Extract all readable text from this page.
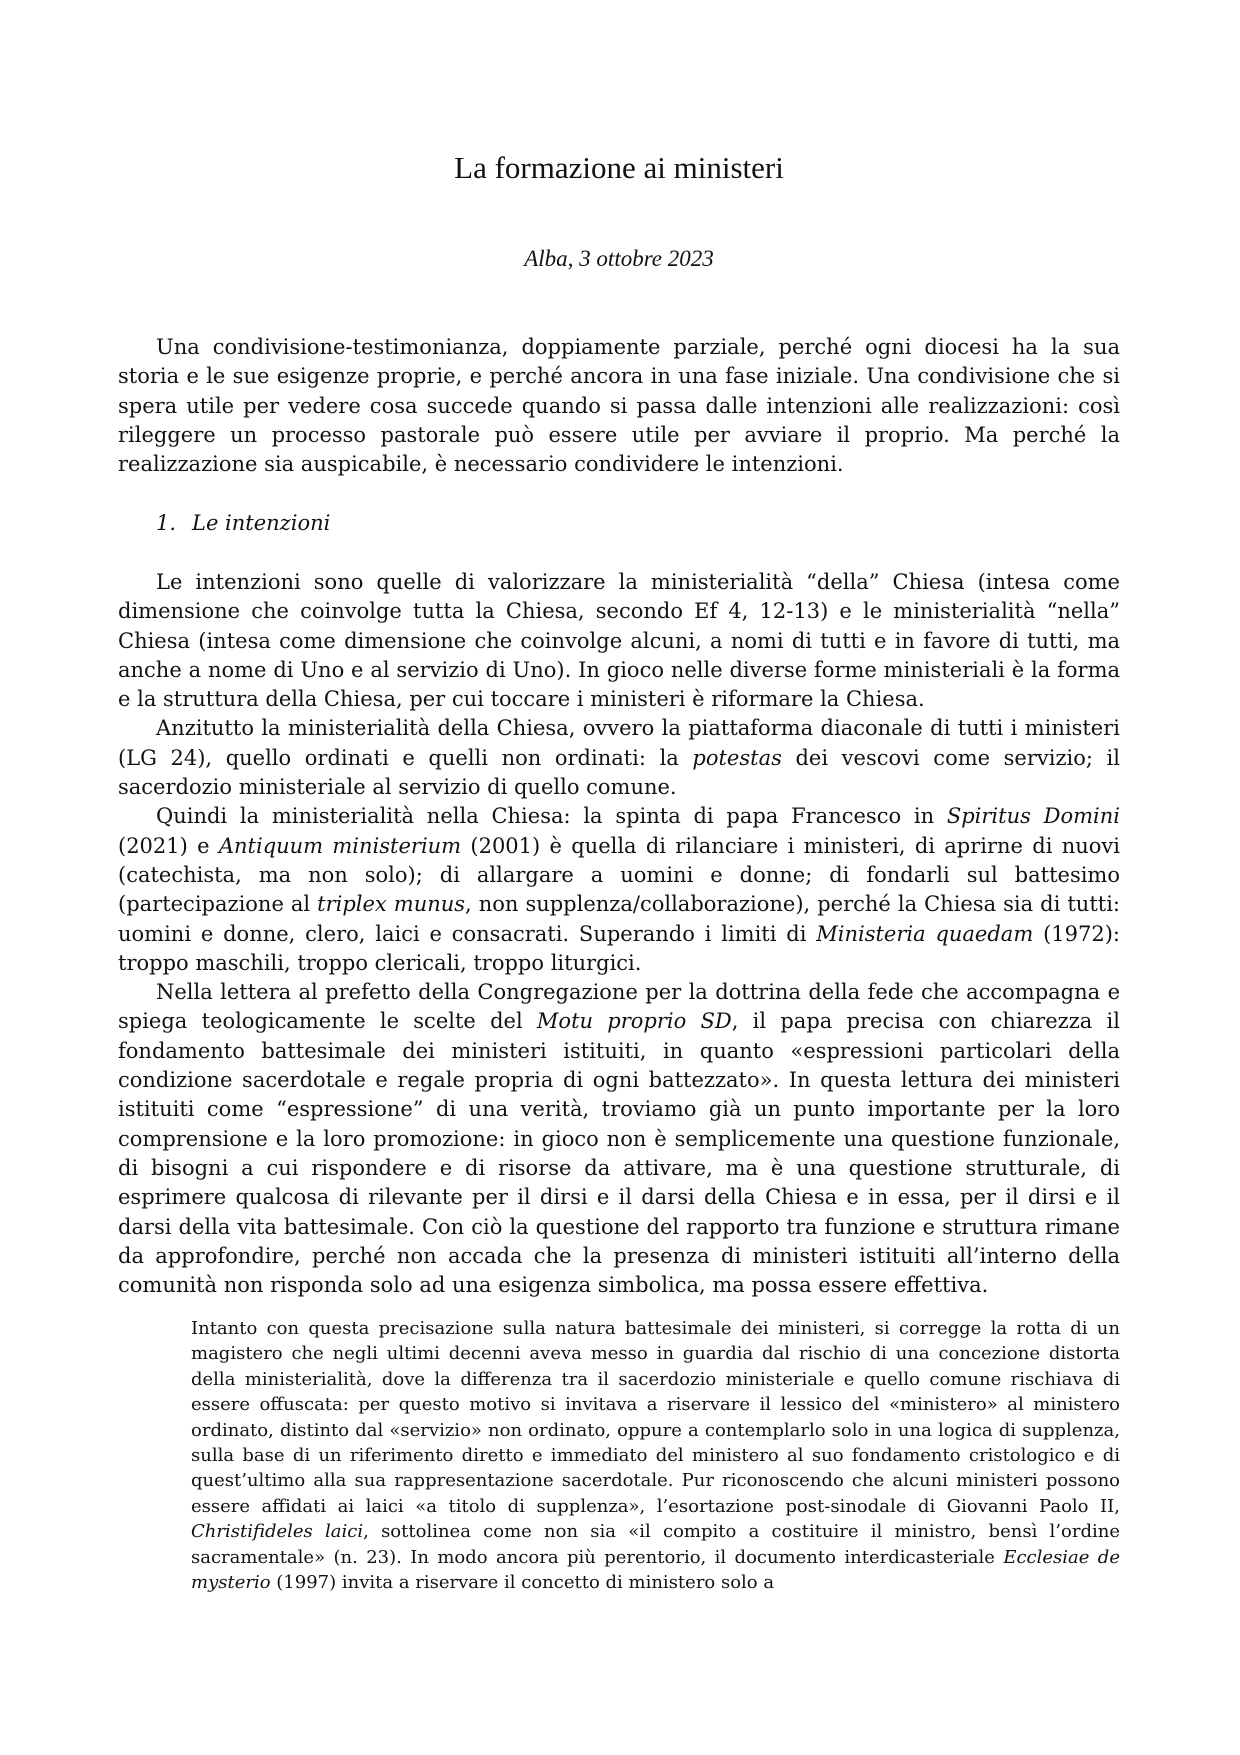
La formazione ai ministeri

Alba, 3 ottobre 2023

Una condivisione-testimonianza, doppiamente parziale, perché ogni diocesi ha la sua storia e le sue esigenze proprie, e perché ancora in una fase iniziale. Una condivisione che si spera utile per vedere cosa succede quando si passa dalle intenzioni alle realizzazioni: così rileggere un processo pastorale può essere utile per avviare il proprio. Ma perché la realizzazione sia auspicabile, è necessario condividere le intenzioni.

1. Le intenzioni

Le intenzioni sono quelle di valorizzare la ministerialità “della” Chiesa (intesa come dimensione che coinvolge tutta la Chiesa, secondo Ef 4, 12-13) e le ministerialità “nella” Chiesa (intesa come dimensione che coinvolge alcuni, a nomi di tutti e in favore di tutti, ma anche a nome di Uno e al servizio di Uno). In gioco nelle diverse forme ministeriali è la forma e la struttura della Chiesa, per cui toccare i ministeri è riformare la Chiesa.

Anzitutto la ministerialità della Chiesa, ovvero la piattaforma diaconale di tutti i ministeri (LG 24), quello ordinati e quelli non ordinati: la potestas dei vescovi come servizio; il sacerdozio ministeriale al servizio di quello comune.

Quindi la ministerialità nella Chiesa: la spinta di papa Francesco in Spiritus Domini (2021) e Antiquum ministerium (2001) è quella di rilanciare i ministeri, di aprirne di nuovi (catechista, ma non solo); di allargare a uomini e donne; di fondarli sul battesimo (partecipazione al triplex munus, non supplenza/collaborazione), perché la Chiesa sia di tutti: uomini e donne, clero, laici e consacrati. Superando i limiti di Ministeria quaedam (1972): troppo maschili, troppo clericali, troppo liturgici.

Nella lettera al prefetto della Congregazione per la dottrina della fede che accompagna e spiega teologicamente le scelte del Motu proprio SD, il papa precisa con chiarezza il fondamento battesimale dei ministeri istituiti, in quanto «espressioni particolari della condizione sacerdotale e regale propria di ogni battezzato». In questa lettura dei ministeri istituiti come “espressione” di una verità, troviamo già un punto importante per la loro comprensione e la loro promozione: in gioco non è semplicemente una questione funzionale, di bisogni a cui rispondere e di risorse da attivare, ma è una questione strutturale, di esprimere qualcosa di rilevante per il dirsi e il darsi della Chiesa e in essa, per il dirsi e il darsi della vita battesimale. Con ciò la questione del rapporto tra funzione e struttura rimane da approfondire, perché non accada che la presenza di ministeri istituiti all’interno della comunità non risponda solo ad una esigenza simbolica, ma possa essere effettiva.

Intanto con questa precisazione sulla natura battesimale dei ministeri, si corregge la rotta di un magistero che negli ultimi decenni aveva messo in guardia dal rischio di una concezione distorta della ministerialità, dove la differenza tra il sacerdozio ministeriale e quello comune rischiava di essere offuscata: per questo motivo si invitava a riservare il lessico del «ministero» al ministero ordinato, distinto dal «servizio» non ordinato, oppure a contemplarlo solo in una logica di supplenza, sulla base di un riferimento diretto e immediato del ministero al suo fondamento cristologico e di quest’ultimo alla sua rappresentazione sacerdotale. Pur riconoscendo che alcuni ministeri possono essere affidati ai laici «a titolo di supplenza», l’esortazione post-sinodale di Giovanni Paolo II, Christifideles laici, sottolinea come non sia «il compito a costituire il ministro, bensì l’ordine sacramentale» (n. 23). In modo ancora più perentorio, il documento interdicasteriale Ecclesiae de mysterio (1997) invita a riservare il concetto di ministero solo a
